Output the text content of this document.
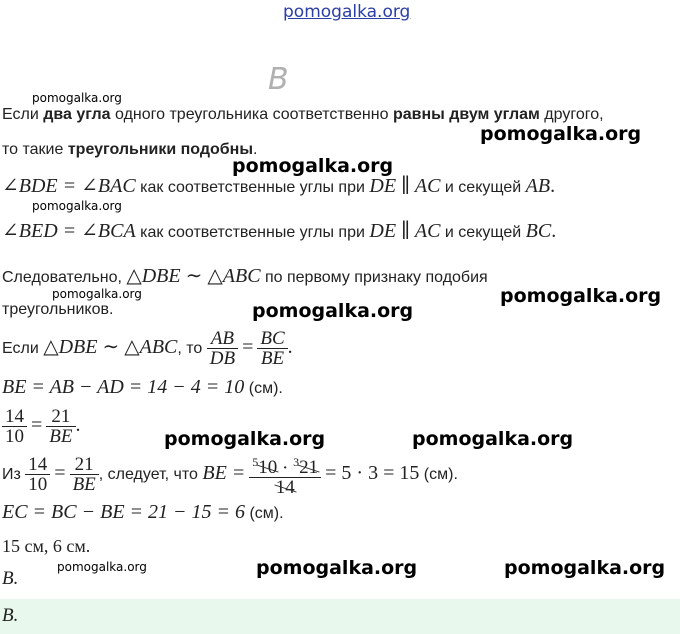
pomogalka.org
pomogalka.org
pomogalka.org
pomogalka.org
pomogalka.org
pomogalka.org	pomogalka.org
pomogalka.org
pomogalka.org	pomogalka.org
pomogalka.org	pomogalka.org	pomogalka.org
B
Если два угла одного треугольника соответственно равны двум углам другого,
то такие треугольники подобны.
∠BDE = ∠BAC как соответственные углы при DE ∥ AC и секущей AB.
∠BED = ∠BCA как соответственные углы при DE ∥ AC и секущей BC.
Следовательно, △DBE ∼ △ABC по первому признаку подобия
треугольников.
Если △DBE ∼ △ABC, то $\frac{AB}{DB} = \frac{BC}{BE}$ .
BE = AB − AD = 14 − 4 = 10 (см).
$\frac{14}{10} = \frac{21}{BE}$ .
Из $\frac{14}{10} = \frac{21}{BE}$ , следует, что BE = $\frac{^510 \cdot ^321}{14} = 5 \cdot 3 = 15$ (см).
EC = BC − BE = 21 − 15 = 6 (см).
15 см, 6 см.
B.
B.
